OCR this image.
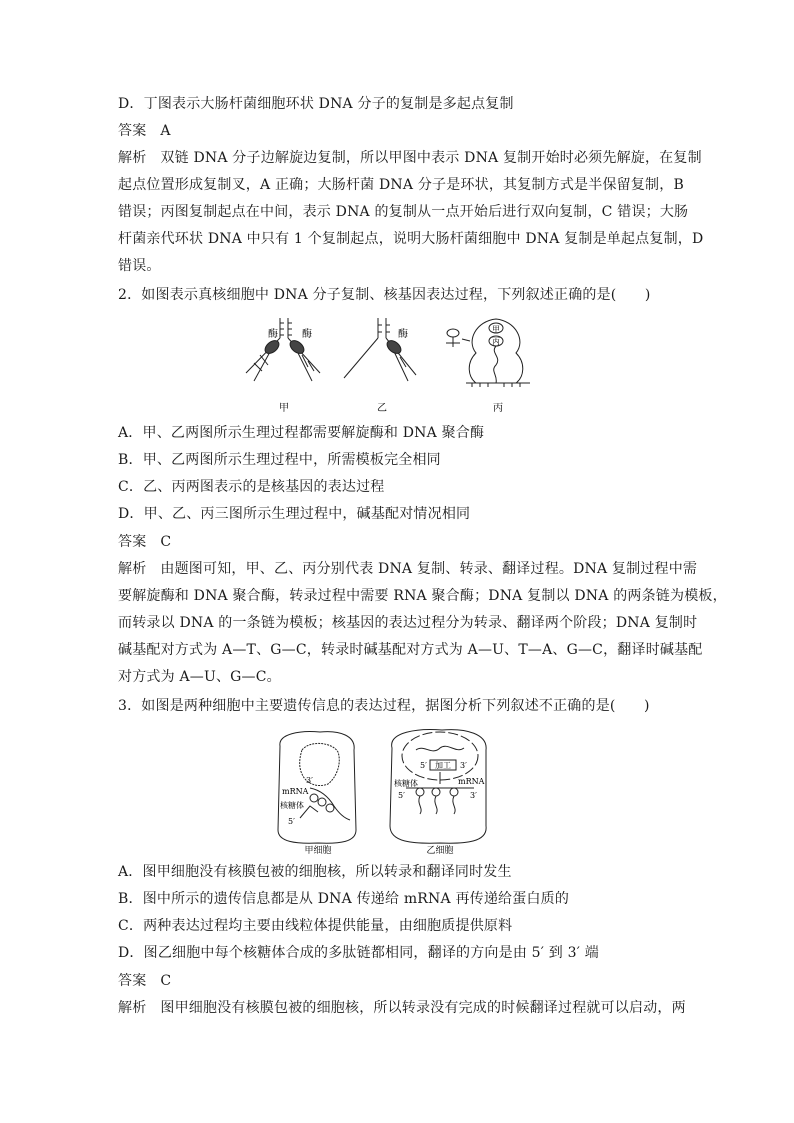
D．丁图表示大肠杆菌细胞环状 DNA 分子的复制是多起点复制
答案 A
解析 双链 DNA 分子边解旋边复制，所以甲图中表示 DNA 复制开始时必须先解旋，在复制
起点位置形成复制叉，A 正确；大肠杆菌 DNA 分子是环状，其复制方式是半保留复制，B
错误；丙图复制起点在中间，表示 DNA 的复制从一点开始后进行双向复制，C 错误；大肠
杆菌亲代环状 DNA 中只有 1 个复制起点，说明大肠杆菌细胞中 DNA 复制是单起点复制，D
错误。
2．如图表示真核细胞中 DNA 分子复制、核基因表达过程，下列叙述正确的是(　　)
酶 酶
甲
酶
乙
甲
丙
丙
A．甲、乙两图所示生理过程都需要解旋酶和 DNA 聚合酶
B．甲、乙两图所示生理过程中，所需模板完全相同
C．乙、丙两图表示的是核基因的表达过程
D．甲、乙、丙三图所示生理过程中，碱基配对情况相同
答案 C
解析 由题图可知，甲、乙、丙分别代表 DNA 复制、转录、翻译过程。DNA 复制过程中需
要解旋酶和 DNA 聚合酶，转录过程中需要 RNA 聚合酶；DNA 复制以 DNA 的两条链为模板，
而转录以 DNA 的一条链为模板；核基因的表达过程分为转录、翻译两个阶段；DNA 复制时
碱基配对方式为 A—T、G—C，转录时碱基配对方式为 A—U、T—A、G—C，翻译时碱基配
对方式为 A—U、G—C。
3．如图是两种细胞中主要遗传信息的表达过程，据图分析下列叙述不正确的是(　　)
3′
mRNA
核糖体
5′
甲细胞
加工
5′	3′
核糖体	mRNA
5′	3′
乙细胞
A．图甲细胞没有核膜包被的细胞核，所以转录和翻译同时发生
B．图中所示的遗传信息都是从 DNA 传递给 mRNA 再传递给蛋白质的
C．两种表达过程均主要由线粒体提供能量，由细胞质提供原料
D．图乙细胞中每个核糖体合成的多肽链都相同，翻译的方向是由 5′ 到 3′ 端
答案 C
解析 图甲细胞没有核膜包被的细胞核，所以转录没有完成的时候翻译过程就可以启动，两
